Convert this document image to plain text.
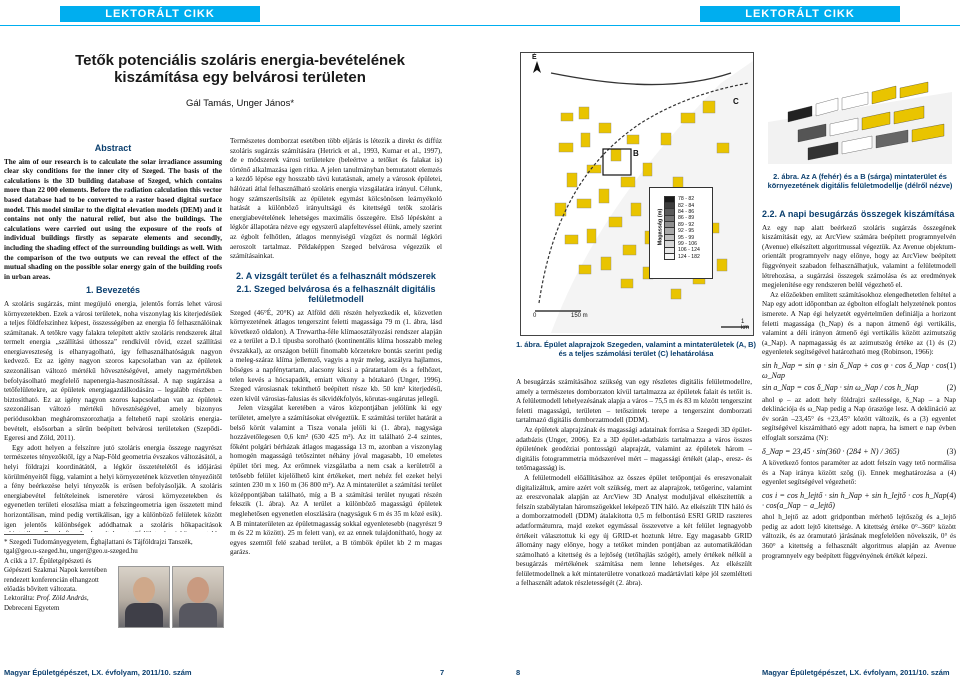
LEKTORÁLT CIKK
Tetők potenciális szoláris energia-bevételének
kiszámítása egy belvárosi területen
Gál Tamás, Unger János*
Abstract

The aim of our research is to calculate the solar irradiance assuming clear sky conditions for the inner city of Szeged. The basis of the calculations is the 3D building database of Szeged, which contains more than 22 000 elements. Before the radiation calculation this vector based database had to be converted to a raster based digital surface model. This model similar to the digital elevation models (DEM) and it contains not only the natural relief, but also the buildings. The calculations were carried out using the exposure of the roofs of individual buildings firstly as separate elements and secondly, including the shading effect of the surrounding buildings as well. With the comparison of the two outputs we can reveal the effect of the mutual shading on the possible solar energy gain of the building roofs in urban areas.

1. Bevezetés

A szoláris sugárzás, mint megújuló energia, jelentős forrás lehet városi környezetekben. Ezek a városi területek, noha viszonylag kis kiterjedésűek a teljes földfelszínhez képest, összességében az energia fő felhasználóinak számítanak. A tetőkre vagy falakra telepített aktív szoláris rendszerek által termelt energia „szállítási úthossza” rendkívül rövid, ezzel szállítási energiaveszteség is elhanyagolható, így felhasználhatóságuk nagyon kedvező. Ez az igény nagyon szoros kapcsolatban van az épületek szezonálisan változó mértékű hővesztéségével, amely nagymértékben befolyásolható megfelelő napenergia-hasznosítással. A nap sugárzása a tetőfelületekre, az épületek energiagazdálkodására – legalább részben – biztosítható. Ez az igény nagyon szoros kapcsolatban van az épületek szezonálisan változó mértékű hővesztéségével, amely bizonyos periódusokban megháromszorozhatja a feltehető napi szoláris energia-bevételt, elsősorban a sűrűn beépített belvárosi területeken (Szepődi-Egeresi and Zöld, 2011).

Egy adott helyen a felszínre jutó szoláris energia összege nagyrészt természetes tényezőktől, így a Nap-Föld geometria évszakos változásától, a helyi földrajzi koordinátától, a légkör összetételétől és időjárási körülményeitől függ, valamint a helyi környezetének közvetlen tényezőitől a fény beérkezése helyi tényezők is erősen befolyásolják. A szoláris energiabevétel feltételeinek ismeretére városi környezetekben és egyenetlen területi eloszlása miatt a felszíngeometria igen összetett mind horizontálisan, mind pedig vertikálisan, így a különböző felületek között igen jelentős különbségek adódhatnak a szoláris hőkapacitások

* Szegedi Tudományegyetem, Éghajlattani és Tájföldrajzi Tanszék, tgal@geo.u-szeged.hu, unger@geo.u-szeged.hu
A cikk a 17. Épületgépészeti és Gépészeti Szakmai Napok keretében rendezett konferencián elhangzott előadás bővített változata.
Lektorálta: Prof. Zöld András,
Debreceni Egyetem

Természetes domborzat esetében több eljárás is létezik a direkt és diffúz szoláris sugárzás számítására (Hetrick et al., 1993, Kumar et al., 1997), de e módszerek városi területekre (beleértve a tetőket és falakat is) történő alkalmazása igen ritka. A jelen tanulmányban bemutatott elemzés a kezdő lépése egy hosszabb távú kutatásnak, amely a városok épületei, hálózati átlal felhasználható szoláris energia vizsgálatára irányul. Célunk, hogy számszerűsítsük az épületek egymást kölcsönösen leárnyékoló hatását a különböző irányultságú és kitettségű tetők szoláris energiabevételének lehetséges maximális összegére. Első lépésként a légkör állapotára nézve egy egyszerű alapfeltevéssel élünk, amely szerint az égbolt felhőtlen, átlagos mennyiségű vízgőzt és normál légköri aeroszolt tartalmaz. Példaképpen Szeged belvárosa végezzük el számításainkat.

2. A vizsgált terület és a felhasznált módszerek
2.1. Szeged belvárosa és a felhasznált digitális felületmodell

Szeged (46°É, 20°K) az Alföld déli részén helyezkedik el, közvetlen környezetének átlagos tengerszint feletti magassága 79 m (1. ábra, lásd következő oldalon). A Trewartha-féle klímaosztályozási rendszer alapján ez a terület a D.1 típusba sorolható (kontinentális klíma hosszabb meleg évszakkal), az országon belüli finomabb körzetekre bontás szerint pedig a meleg-száraz klíma jellemző, vagyis a nyár meleg, aszályra hajlamos, bőséges a napfénytartam, alacsony kicsi a páratartalom és a felhőzet, telen kevés a hócsapadék, emiatt vékony a hótakaró (Unger, 1996). Szeged városiasnak tekinthető beépített része kb. 50 km² kiterjedésű, ezen kívül városias-falusias és síkvidékfolyós, körutas-sugárutas jellegű.

Jelen vizsgálat keretében a város központjában jelölünk ki egy területet, amelyre a számításokat elvégeztük. E számítási terület határát a belső körút valamint a Tisza vonala jelöli ki (1. ábra), nagysága hozzávetőlegesen 0,6 km² (630 425 m²). Az itt található 2-4 szintes, főként polgári bérházak átlagos magassága 13 m, azonban a viszonylag homogén magasságú tetőszintet néhány jóval magasabb, 10 emeletes épület töri meg. Az erőmnek vizsgálatba a nem csak a kerületről a tetősebb felület kijelölhető kint értékeket, mert nehéz fel ezeket helyi szinten 230 m x 160 m (36 800 m²). Az A mintaterület a számítási terület középpontjában található, míg a B a számítási terület nyugati részén fekszik (1. ábra). Az A terület a különböző magasságú épületek meglehetősen egyenetlen eloszlására (nagyságuk 6 m és 35 m közé esik). A B mintaterületen az épületmagasság sokkal egyenletesebb (nagyrészt 9 m és 22 m között). 25 m felett van), ez az ennek tulajdonítható, hogy az egyes szemtől felé szabad terület, a B tömbök épület kb 2 m magas garázs.

Magyar Épületgépészet, LX. évfolyam, 2011/10. szám	7
LEKTORÁLT CIKK
É
B
C
0	150 m
1 km
Magasság (m)
78 - 82
82 - 84
84 - 86
86 - 89
89 - 92
92 - 95
95 - 99
99 - 106
106 - 124
124 - 182
1. ábra. Épület alaprajzok Szegeden, valamint a mintaterületek (A, B) és a teljes számolási terület (C) lehatárolása
2. ábra. Az A (fehér) és a B (sárga) mintaterület és környezetének digitális felületmodellje (délről nézve)

A besugárzás számításához szükség van egy részletes digitális felületmodellre, amely a természetes domborzaton kívül tartalmazza az épületek falait és tetőit is. A felületmodell lehelyezésának alapja a város – 75,5 m és 83 m között tengerszint feletti magasságú, területen – tetőszintek terepe a tengerszint domborzati tartalmazó digitális domborzatmodell (DDM).

Az épületek alaprajzának és magassági adatainak forrása a Szegedi 3D épület-adatbázis (Unger, 2006). Ez a 3D épület-adatbázis tartalmazza a város összes épületének geodéziai pontosságú alaprajzát, valamint az épületek három – digitális fotogrammetria módszerével mért – magassági értékét (alap-, eresz- és tetőmagasság) is.

A felületmodell előállításához az összes épület tetőpontjai és ereszvonalait digitalizáltuk, amire azért volt szükség, mert az alaprajzok, tetőgerinc, valamint az ereszvonalak alapján az ArcView 3D Analyst moduljával elkészítettük a felszín szabálytalan háromszögekkel leképező TIN háló. Az elkészült TIN háló és a domborzatmodell (DDM) átalakította 0,5 m felbontású ESRI GRID raszteres adatformátumra, majd ezeket egymással összevetve a két felület legnagyobb értékeit választottuk ki egy új GRID-et hoztunk létre. Egy magasabb GRID állomány nagy előnye, hogy a tetőket minden pontjában az automatikálódan számolható a kitettség és a lejtőség (tetőhajlás szögét), amely értékek nélkül a besugárzás mértékének számítása nem lenne lehetséges. Az elkészült felületmodellnek a két mintaterületre vonatkozó madártávlati képe jól szemlélteti a felhasznált adatok részletességét (2. ábra).

2.2. A napi besugárzás összegek kiszámítása

Az egy nap alatt beérkező szoláris sugárzás összegének kiszámítását egy, az ArcView számára beépített programnyelvén (Avenue) elkészített algoritmussal végeztük. Az Avenue objektum-orientált programnyelv nagy előnye, hogy az ArcView beépített függvényeit szabadon felhasználhatjuk, valamint a felületmodell létrehozása, a sugárzási összegek számolása és az eredmények megjelenítése egy rendszeren belül végezhető el.

Az előzőekben említett számításokhoz elengedhetetlen feltétel a Nap egy adott időpontban az égbolton elfoglalt helyzetének pontos ismerete. A Nap égi helyzetét egyértelműen definiálja a horizont feletti magassága (h_Nap) és a napon átmenő égi vertikális, valamint a déli irányon átmenő égi vertikális között azimutszög (a_Nap). A napmagasság és az azimutszög értéke az (1) és (2) egyenletek segítségével határozható meg (Robinson, 1966):

sin h_Nap = sin φ · sin δ_Nap + cos φ · cos δ_Nap · cos ω_Nap
(1)
sin a_Nap = cos δ_Nap · sin ω_Nap / cos h_Nap	(2)

ahol φ – az adott hely földrajzi szélessége, δ_Nap – a Nap deklinációja és ω_Nap pedig a Nap óraszöge lesz. A deklináció az év során –23,45° és +23,45° között változik, és a (3) egyenlet segítségével kiszámítható egy adott napra, ha ismert e nap évben elfoglalt sorszáma (N):

δ_Nap = 23,45 · sin(360 · (284 + N) / 365)	(3)

A következő fontos paraméter az adott felszín vagy tető normálisa és a Nap iránya között szög (i). Ennek meghatározása a (4) egyenlet segítségével végezhető:

cos i = cos h_lejtő · sin h_Nap + sin h_lejtő · cos h_Nap · cos(a_Nap − a_lejtő)
(4)

ahol h_lejtő az adott gridpontban mérhető lejtőszög és a_lejtő pedig az adott lejtő kitettsége. A kitettség értéke 0°–360° között változik, és az óramutató járásának megfelelően növekszik, 0° és 360° a kitettség a felhasznált algoritmus alapján az Avenue programnyelv egy beépített függvényének értékét képezi.

8	Magyar Épületgépészet, LX. évfolyam, 2011/10. szám
